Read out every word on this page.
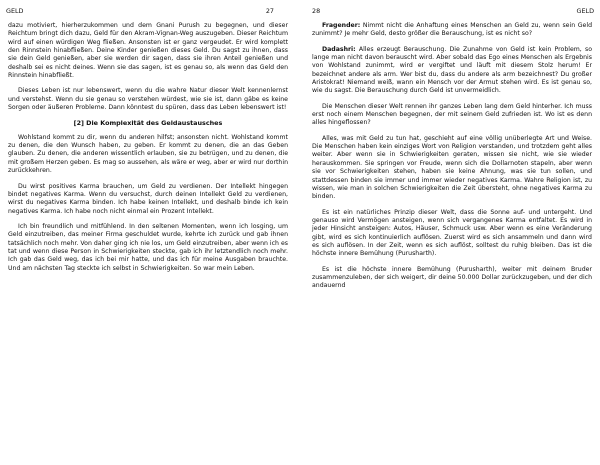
GELD	27

dazu motiviert, hierherzukommen und dem Gnani Purush zu begegnen, und dieser Reichtum bringt dich dazu, Geld für den Akram-Vignan-Weg auszugeben. Dieser Reichtum wird auf einen würdigen Weg fließen. Ansonsten ist er ganz vergeudet. Er wird komplett den Rinnstein hinabfließen. Deine Kinder genießen dieses Geld. Du sagst zu ihnen, dass sie dein Geld genießen, aber sie werden dir sagen, dass sie ihren Anteil genießen und deshalb sei es nicht deines. Wenn sie das sagen, ist es genau so, als wenn das Geld den Rinnstein hinabfließt.

Dieses Leben ist nur lebenswert, wenn du die wahre Natur dieser Welt kennenlernst und verstehst. Wenn du sie genau so verstehen würdest, wie sie ist, dann gäbe es keine Sorgen oder äußeren Probleme. Dann könntest du spüren, dass das Leben lebenswert ist!

[2] Die Komplexität des Geldaustausches

Wohlstand kommt zu dir, wenn du anderen hilfst; ansonsten nicht. Wohlstand kommt zu denen, die den Wunsch haben, zu geben. Er kommt zu denen, die an das Geben glauben. Zu denen, die anderen wissentlich erlauben, sie zu betrügen, und zu denen, die mit großem Herzen geben. Es mag so aussehen, als wäre er weg, aber er wird nur dorthin zurückkehren.

Du wirst positives Karma brauchen, um Geld zu verdienen. Der Intellekt hingegen bindet negatives Karma. Wenn du versuchst, durch deinen Intellekt Geld zu verdienen, wirst du negatives Karma binden. Ich habe keinen Intellekt, und deshalb binde ich kein negatives Karma. Ich habe noch nicht einmal ein Prozent Intellekt.

Ich bin freundlich und mitfühlend. In den seltenen Momenten, wenn ich losging, um Geld einzutreiben, das meiner Firma geschuldet wurde, kehrte ich zurück und gab ihnen tatsächlich noch mehr. Von daher ging ich nie los, um Geld einzutreiben, aber wenn ich es tat und wenn diese Person in Schwierigkeiten steckte, gab ich ihr letztendlich noch mehr. Ich gab das Geld weg, das ich bei mir hatte, und das ich für meine Ausgaben brauchte. Und am nächsten Tag steckte ich selbst in Schwierigkeiten. So war mein Leben.

28	GELD

Fragender: Nimmt nicht die Anhaftung eines Menschen an Geld zu, wenn sein Geld zunimmt? Je mehr Geld, desto größer die Berauschung, ist es nicht so?

Dadashri: Alles erzeugt Berauschung. Die Zunahme von Geld ist kein Problem, so lange man nicht davon berauscht wird. Aber sobald das Ego eines Menschen als Ergebnis von Wohlstand zunimmt, wird er vergiftet und läuft mit diesem Stolz herum! Er bezeichnet andere als arm. Wer bist du, dass du andere als arm bezeichnest? Du großer Aristokrat! Niemand weiß, wann ein Mensch vor der Armut stehen wird. Es ist genau so, wie du sagst. Die Berauschung durch Geld ist unvermeidlich.

Die Menschen dieser Welt rennen ihr ganzes Leben lang dem Geld hinterher. Ich muss erst noch einem Menschen begegnen, der mit seinem Geld zufrieden ist. Wo ist es denn alles hingeflossen?

Alles, was mit Geld zu tun hat, geschieht auf eine völlig unüberlegte Art und Weise. Die Menschen haben kein einziges Wort von Religion verstanden, und trotzdem geht alles weiter. Aber wenn sie in Schwierigkeiten geraten, wissen sie nicht, wie sie wieder herauskommen. Sie springen vor Freude, wenn sich die Dollarnoten stapeln, aber wenn sie vor Schwierigkeiten stehen, haben sie keine Ahnung, was sie tun sollen, und stattdessen binden sie immer und immer wieder negatives Karma. Wahre Religion ist, zu wissen, wie man in solchen Schwierigkeiten die Zeit übersteht, ohne negatives Karma zu binden.

Es ist ein natürliches Prinzip dieser Welt, dass die Sonne auf- und untergeht. Und genauso wird Vermögen ansteigen, wenn sich vergangenes Karma entfaltet. Es wird in jeder Hinsicht ansteigen: Autos, Häuser, Schmuck usw. Aber wenn es eine Veränderung gibt, wird es sich kontinuierlich auflösen. Zuerst wird es sich ansammeln und dann wird es sich auflösen. In der Zeit, wenn es sich auflöst, solltest du ruhig bleiben. Das ist die höchste innere Bemühung (Purusharth).

Es ist die höchste innere Bemühung (Purusharth), weiter mit deinem Bruder zusammenzuleben, der sich weigert, dir deine 50.000 Dollar zurückzugeben, und der dich andauernd
